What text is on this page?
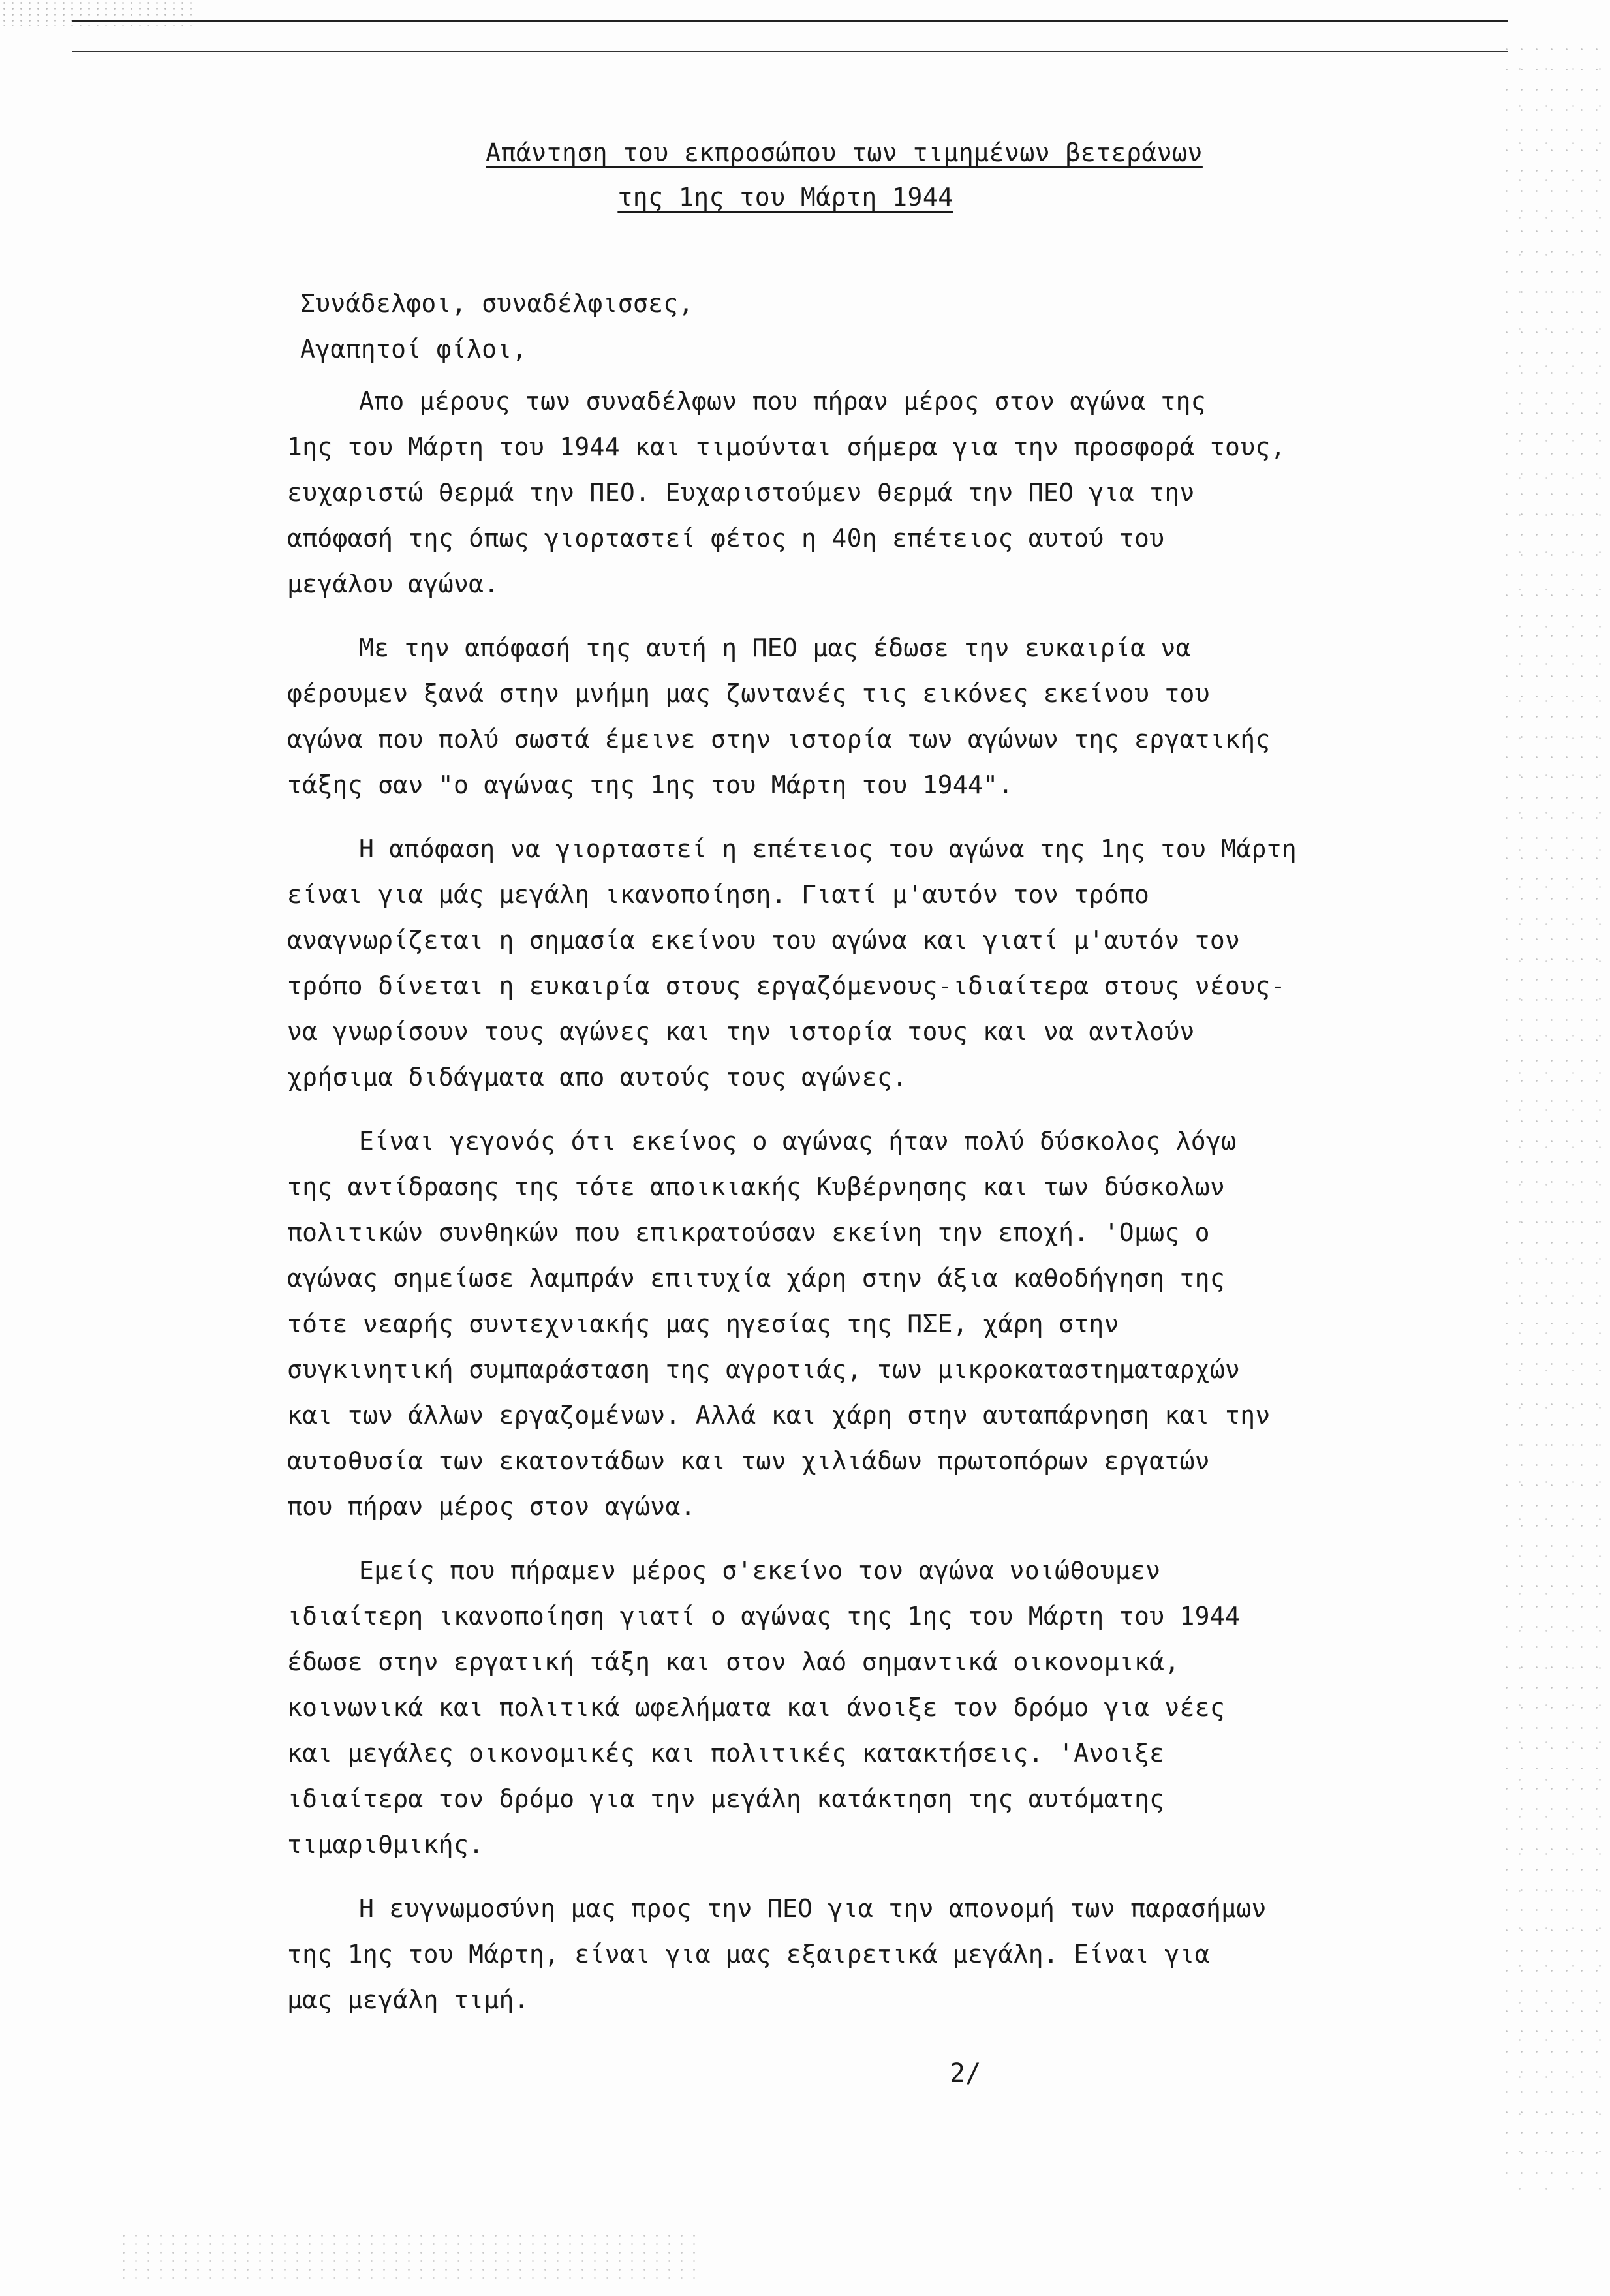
Απάντηση του εκπροσώπου των τιμημένων βετεράνων
της 1ης του Μάρτη 1944

Συνάδελφοι, συναδέλφισσες,

Αγαπητοί φίλοι,

Απο μέρους των συναδέλφων που πήραν μέρος στον αγώνα της
1ης του Μάρτη του 1944 και τιμούνται σήμερα για την προσφορά τους,
ευχαριστώ θερμά την ΠΕΟ. Ευχαριστούμεν θερμά την ΠΕΟ για την
απόφασή της όπως γιορταστεί φέτος η 40η επέτειος αυτού του
μεγάλου αγώνα.

Με την απόφασή της αυτή η ΠΕΟ μας έδωσε την ευκαιρία να
φέρουμεν ξανά στην μνήμη μας ζωντανές τις εικόνες εκείνου του
αγώνα που πολύ σωστά έμεινε στην ιστορία των αγώνων της εργατικής
τάξης σαν "ο αγώνας της 1ης του Μάρτη του 1944".

Η απόφαση να γιορταστεί η επέτειος του αγώνα της 1ης του Μάρτη
είναι για μάς μεγάλη ικανοποίηση. Γιατί μ'αυτόν τον τρόπο
αναγνωρίζεται η σημασία εκείνου του αγώνα και γιατί μ'αυτόν τον
τρόπο δίνεται η ευκαιρία στους εργαζόμενους-ιδιαίτερα στους νέους-
να γνωρίσουν τους αγώνες και την ιστορία τους και να αντλούν
χρήσιμα διδάγματα απο αυτούς τους αγώνες.

Είναι γεγονός ότι εκείνος ο αγώνας ήταν πολύ δύσκολος λόγω
της αντίδρασης της τότε αποικιακής Κυβέρνησης και των δύσκολων
πολιτικών συνθηκών που επικρατούσαν εκείνη την εποχή. 'Ομως ο
αγώνας σημείωσε λαμπράν επιτυχία χάρη στην άξια καθοδήγηση της
τότε νεαρής συντεχνιακής μας ηγεσίας της ΠΣΕ, χάρη στην
συγκινητική συμπαράσταση της αγροτιάς, των μικροκαταστηματαρχών
και των άλλων εργαζομένων. Αλλά και χάρη στην αυταπάρνηση και την
αυτοθυσία των εκατοντάδων και των χιλιάδων πρωτοπόρων εργατών
που πήραν μέρος στον αγώνα.

Εμείς που πήραμεν μέρος σ'εκείνο τον αγώνα νοιώθουμεν
ιδιαίτερη ικανοποίηση γιατί ο αγώνας της 1ης του Μάρτη του 1944
έδωσε στην εργατική τάξη και στον λαό σημαντικά οικονομικά,
κοινωνικά και πολιτικά ωφελήματα και άνοιξε τον δρόμο για νέες
και μεγάλες οικονομικές και πολιτικές κατακτήσεις. 'Ανοιξε
ιδιαίτερα τον δρόμο για την μεγάλη κατάκτηση της αυτόματης
τιμαριθμικής.

Η ευγνωμοσύνη μας προς την ΠΕΟ για την απονομή των παρασήμων
της 1ης του Μάρτη, είναι για μας εξαιρετικά μεγάλη. Είναι για
μας μεγάλη τιμή.

2/
